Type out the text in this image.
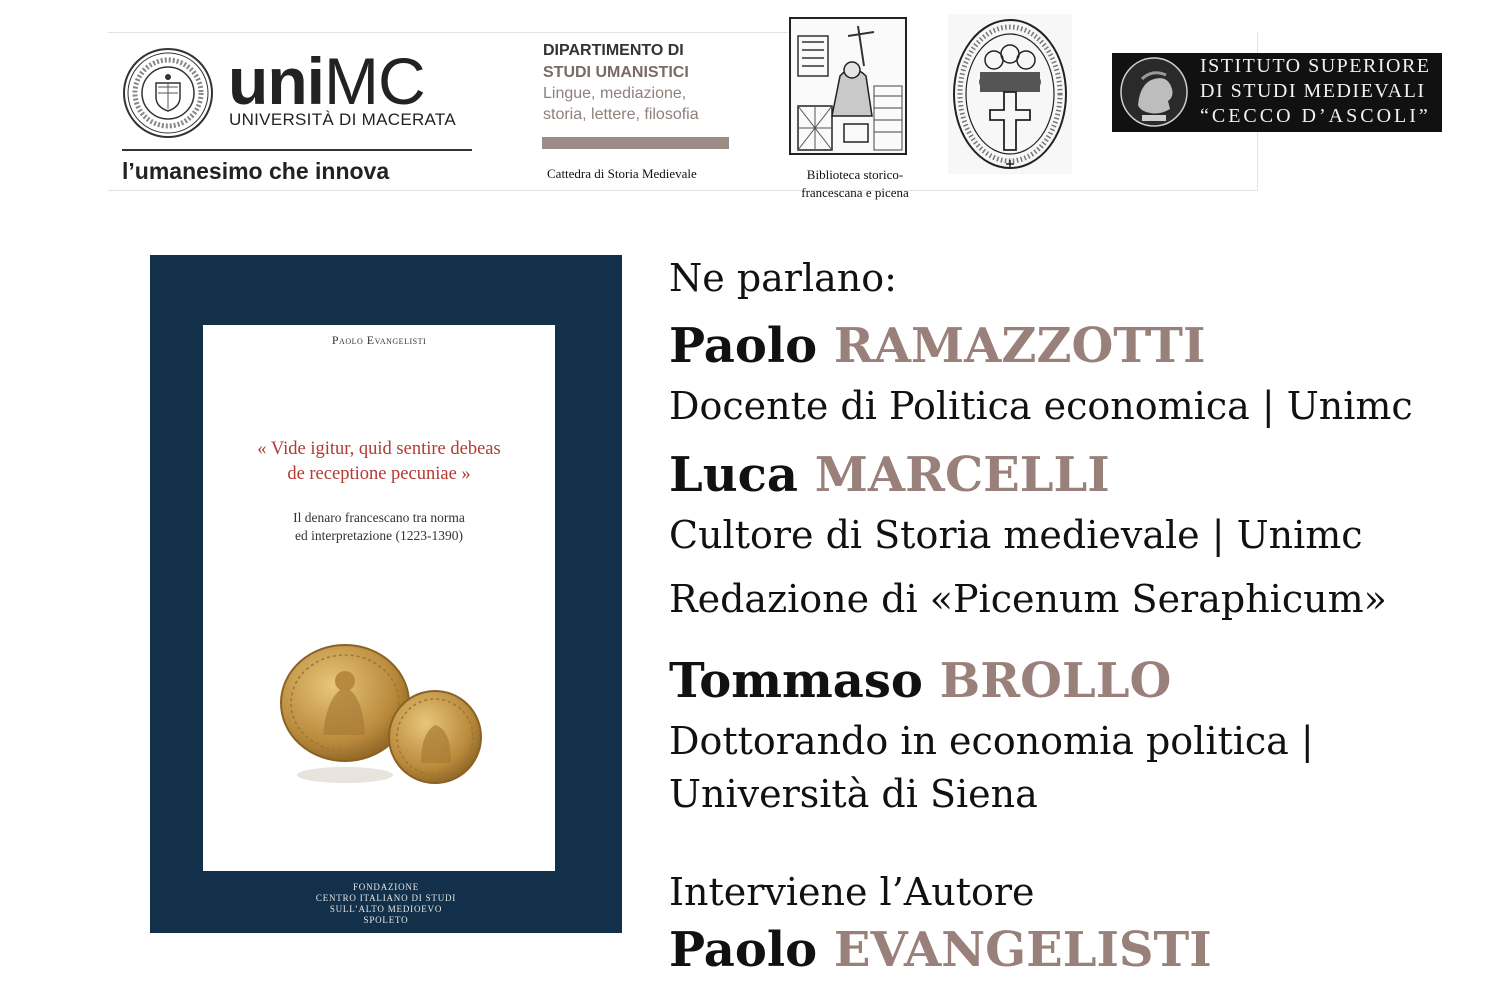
uniMC
UNIVERSITÀ DI MACERATA
l’umanesimo che innova
DIPARTIMENTO DI
STUDI UMANISTICI
Lingue, mediazione,
storia, lettere, filosofia
Cattedra di Storia Medievale	Biblioteca storico-
francescana e picena
ISTITUTO SUPERIORE
DI STUDI MEDIEVALI
“CECCO D’ASCOLI”
Paolo Evangelisti
« Vide igitur, quid sentire debeas
de receptione pecuniae »
Il denaro francescano tra norma
ed interpretazione (1223-1390)
FONDAZIONE
CENTRO ITALIANO DI STUDI
SULL’ALTO MEDIOEVO
SPOLETO
Ne parlano:
Paolo RAMAZZOTTI
Docente di Politica economica | Unimc
Luca MARCELLI
Cultore di Storia medievale | Unimc
Redazione di «Picenum Seraphicum»
Tommaso BROLLO
Dottorando in economia politica |
Università di Siena
Interviene l’Autore
Paolo EVANGELISTI
